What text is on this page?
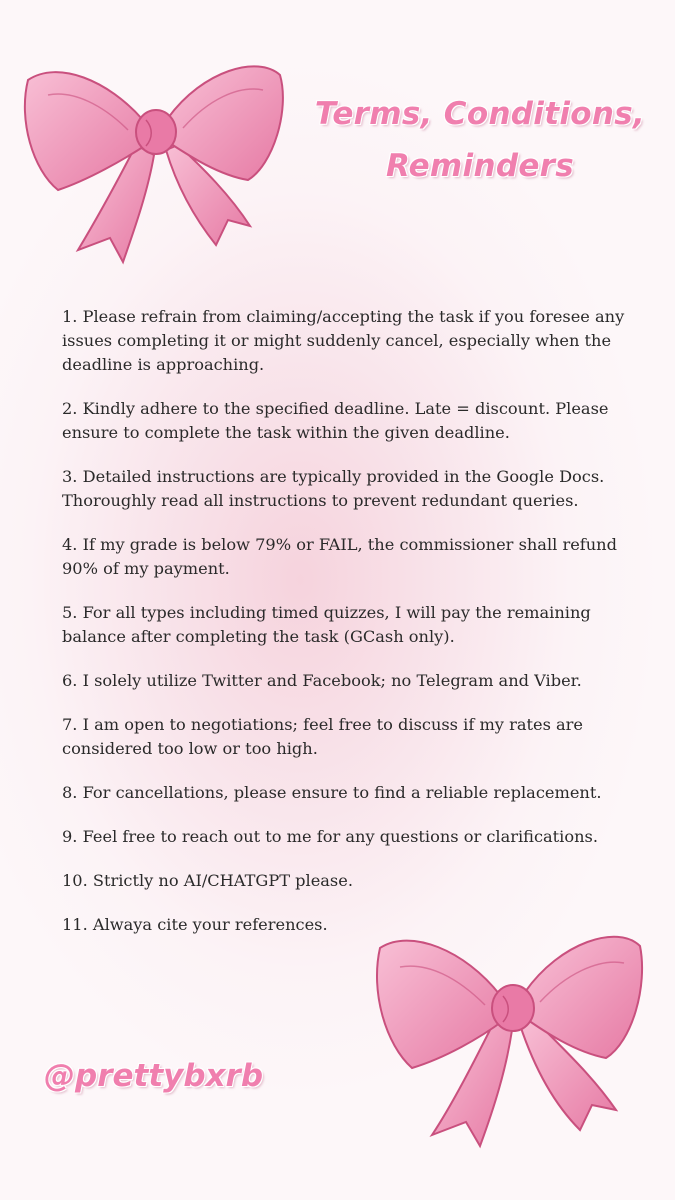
Terms, Conditions,
Reminders
1. Please refrain from claiming/accepting the task if you foresee any issues completing it or might suddenly cancel, especially when the deadline is approaching.
2. Kindly adhere to the specified deadline. Late = discount. Please ensure to complete the task within the given deadline.
3. Detailed instructions are typically provided in the Google Docs. Thoroughly read all instructions to prevent redundant queries.
4. If my grade is below 79% or FAIL, the commissioner shall refund 90% of my payment.
5. For all types including timed quizzes, I will pay the remaining balance after completing the task (GCash only).
6. I solely utilize Twitter and Facebook; no Telegram and Viber.
7. I am open to negotiations; feel free to discuss if my rates are considered too low or too high.
8. For cancellations, please ensure to find a reliable replacement.
9. Feel free to reach out to me for any questions or clarifications.
10. Strictly no AI/CHATGPT please.
11. Alwaya cite your references.
@prettybxrb
